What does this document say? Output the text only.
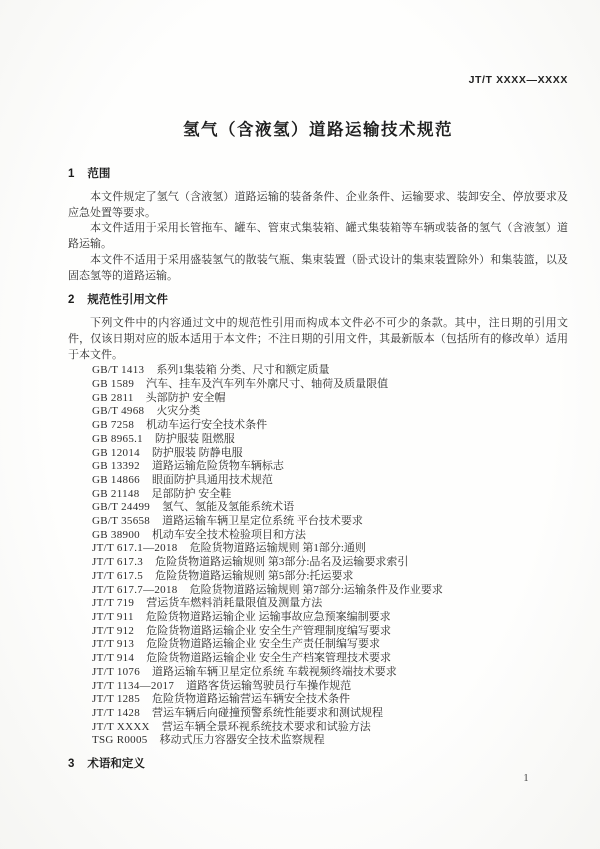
JT/T XXXX—XXXX
氢气（含液氢）道路运输技术规范
1 范围

本文件规定了氢气（含液氢）道路运输的装备条件、企业条件、运输要求、装卸安全、停放要求及应急处置等要求。

本文件适用于采用长管拖车、罐车、管束式集装箱、罐式集装箱等车辆或装备的氢气（含液氢）道路运输。

本文件不适用于采用盛装氢气的散装气瓶、集束装置（卧式设计的集束装置除外）和集装篮，以及固态氢等的道路运输。

2 规范性引用文件

下列文件中的内容通过文中的规范性引用而构成本文件必不可少的条款。其中，注日期的引用文件，仅该日期对应的版本适用于本文件；不注日期的引用文件，其最新版本（包括所有的修改单）适用于本文件。

GB/T 1413 系列1集装箱 分类、尺寸和额定质量
GB 1589 汽车、挂车及汽车列车外廓尺寸、轴荷及质量限值
GB 2811 头部防护 安全帽
GB/T 4968 火灾分类
GB 7258 机动车运行安全技术条件
GB 8965.1 防护服装 阻燃服
GB 12014 防护服装 防静电服
GB 13392 道路运输危险货物车辆标志
GB 14866 眼面防护具通用技术规范
GB 21148 足部防护 安全鞋
GB/T 24499 氢气、氢能及氢能系统术语
GB/T 35658 道路运输车辆卫星定位系统 平台技术要求
GB 38900 机动车安全技术检验项目和方法
JT/T 617.1—2018 危险货物道路运输规则 第1部分:通则
JT/T 617.3 危险货物道路运输规则 第3部分:品名及运输要求索引
JT/T 617.5 危险货物道路运输规则 第5部分:托运要求
JT/T 617.7—2018 危险货物道路运输规则 第7部分:运输条件及作业要求
JT/T 719 营运货车燃料消耗量限值及测量方法
JT/T 911 危险货物道路运输企业 运输事故应急预案编制要求
JT/T 912 危险货物道路运输企业 安全生产管理制度编写要求
JT/T 913 危险货物道路运输企业 安全生产责任制编写要求
JT/T 914 危险货物道路运输企业 安全生产档案管理技术要求
JT/T 1076 道路运输车辆卫星定位系统 车载视频终端技术要求
JT/T 1134—2017 道路客货运输驾驶员行车操作规范
JT/T 1285 危险货物道路运输营运车辆安全技术条件
JT/T 1428 营运车辆后向碰撞预警系统性能要求和测试规程
JT/T XXXX 营运车辆全景环视系统技术要求和试验方法
TSG R0005 移动式压力容器安全技术监察规程
3 术语和定义
1
